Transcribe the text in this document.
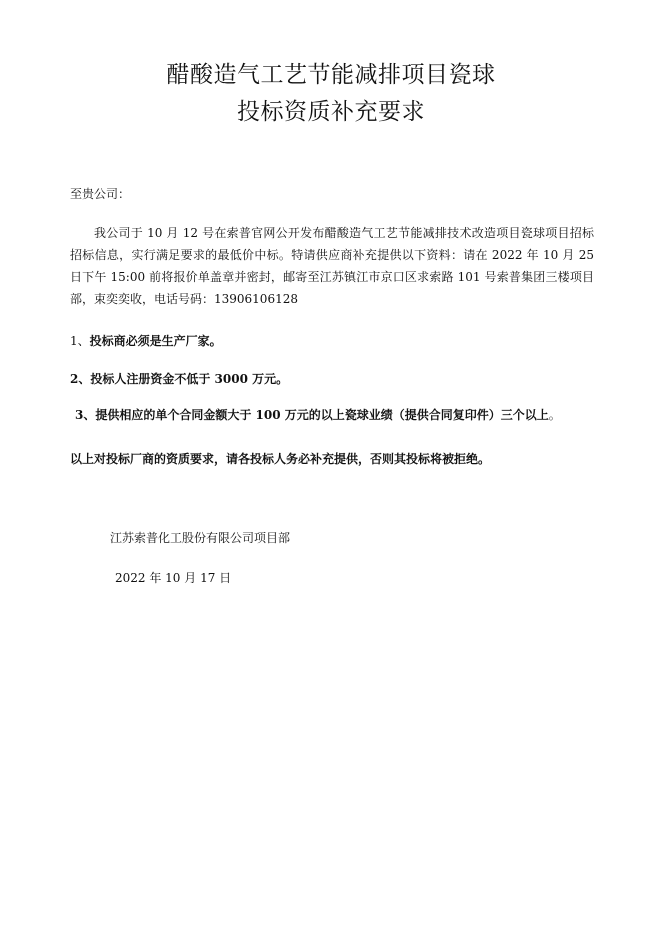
醋酸造气工艺节能减排项目瓷球
投标资质补充要求
至贵公司：
我公司于 10 月 12 号在索普官网公开发布醋酸造气工艺节能减排技术改造项目瓷球项目招标招标信息，实行满足要求的最低价中标。特请供应商补充提供以下资料：请在 2022 年 10 月 25 日下午 15:00 前将报价单盖章并密封，邮寄至江苏镇江市京口区求索路 101 号索普集团三楼项目部，束奕奕收，电话号码：13906106128
1、投标商必须是生产厂家。
2、投标人注册资金不低于 3000 万元。
3、提供相应的单个合同金额大于 100 万元的以上瓷球业绩（提供合同复印件）三个以上。
以上对投标厂商的资质要求，请各投标人务必补充提供，否则其投标将被拒绝。
江苏索普化工股份有限公司项目部
2022 年 10 月 17 日
